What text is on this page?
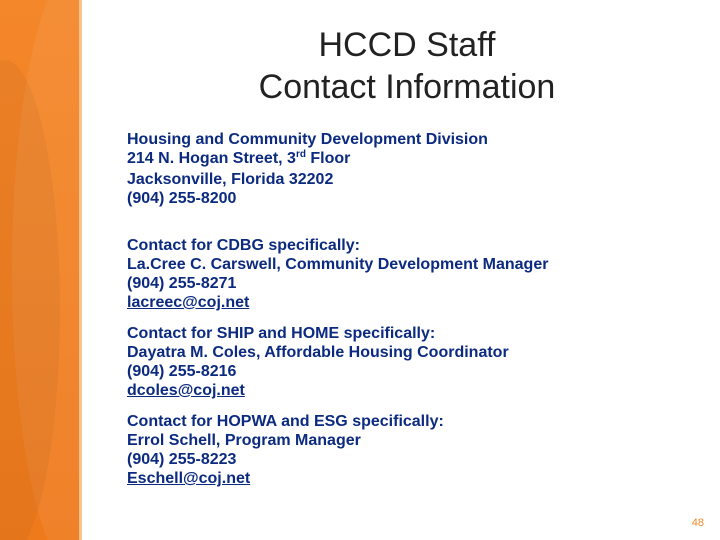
HCCD Staff
Contact Information
Housing and Community Development Division
214 N. Hogan Street, 3rd Floor
Jacksonville, Florida 32202
(904) 255-8200
Contact for CDBG specifically:
La.Cree C. Carswell, Community Development Manager
(904) 255-8271
lacreec@coj.net
Contact for SHIP and HOME specifically:
Dayatra M. Coles, Affordable Housing Coordinator
(904) 255-8216
dcoles@coj.net
Contact for HOPWA and ESG specifically:
Errol Schell, Program Manager
(904) 255-8223
Eschell@coj.net
48
